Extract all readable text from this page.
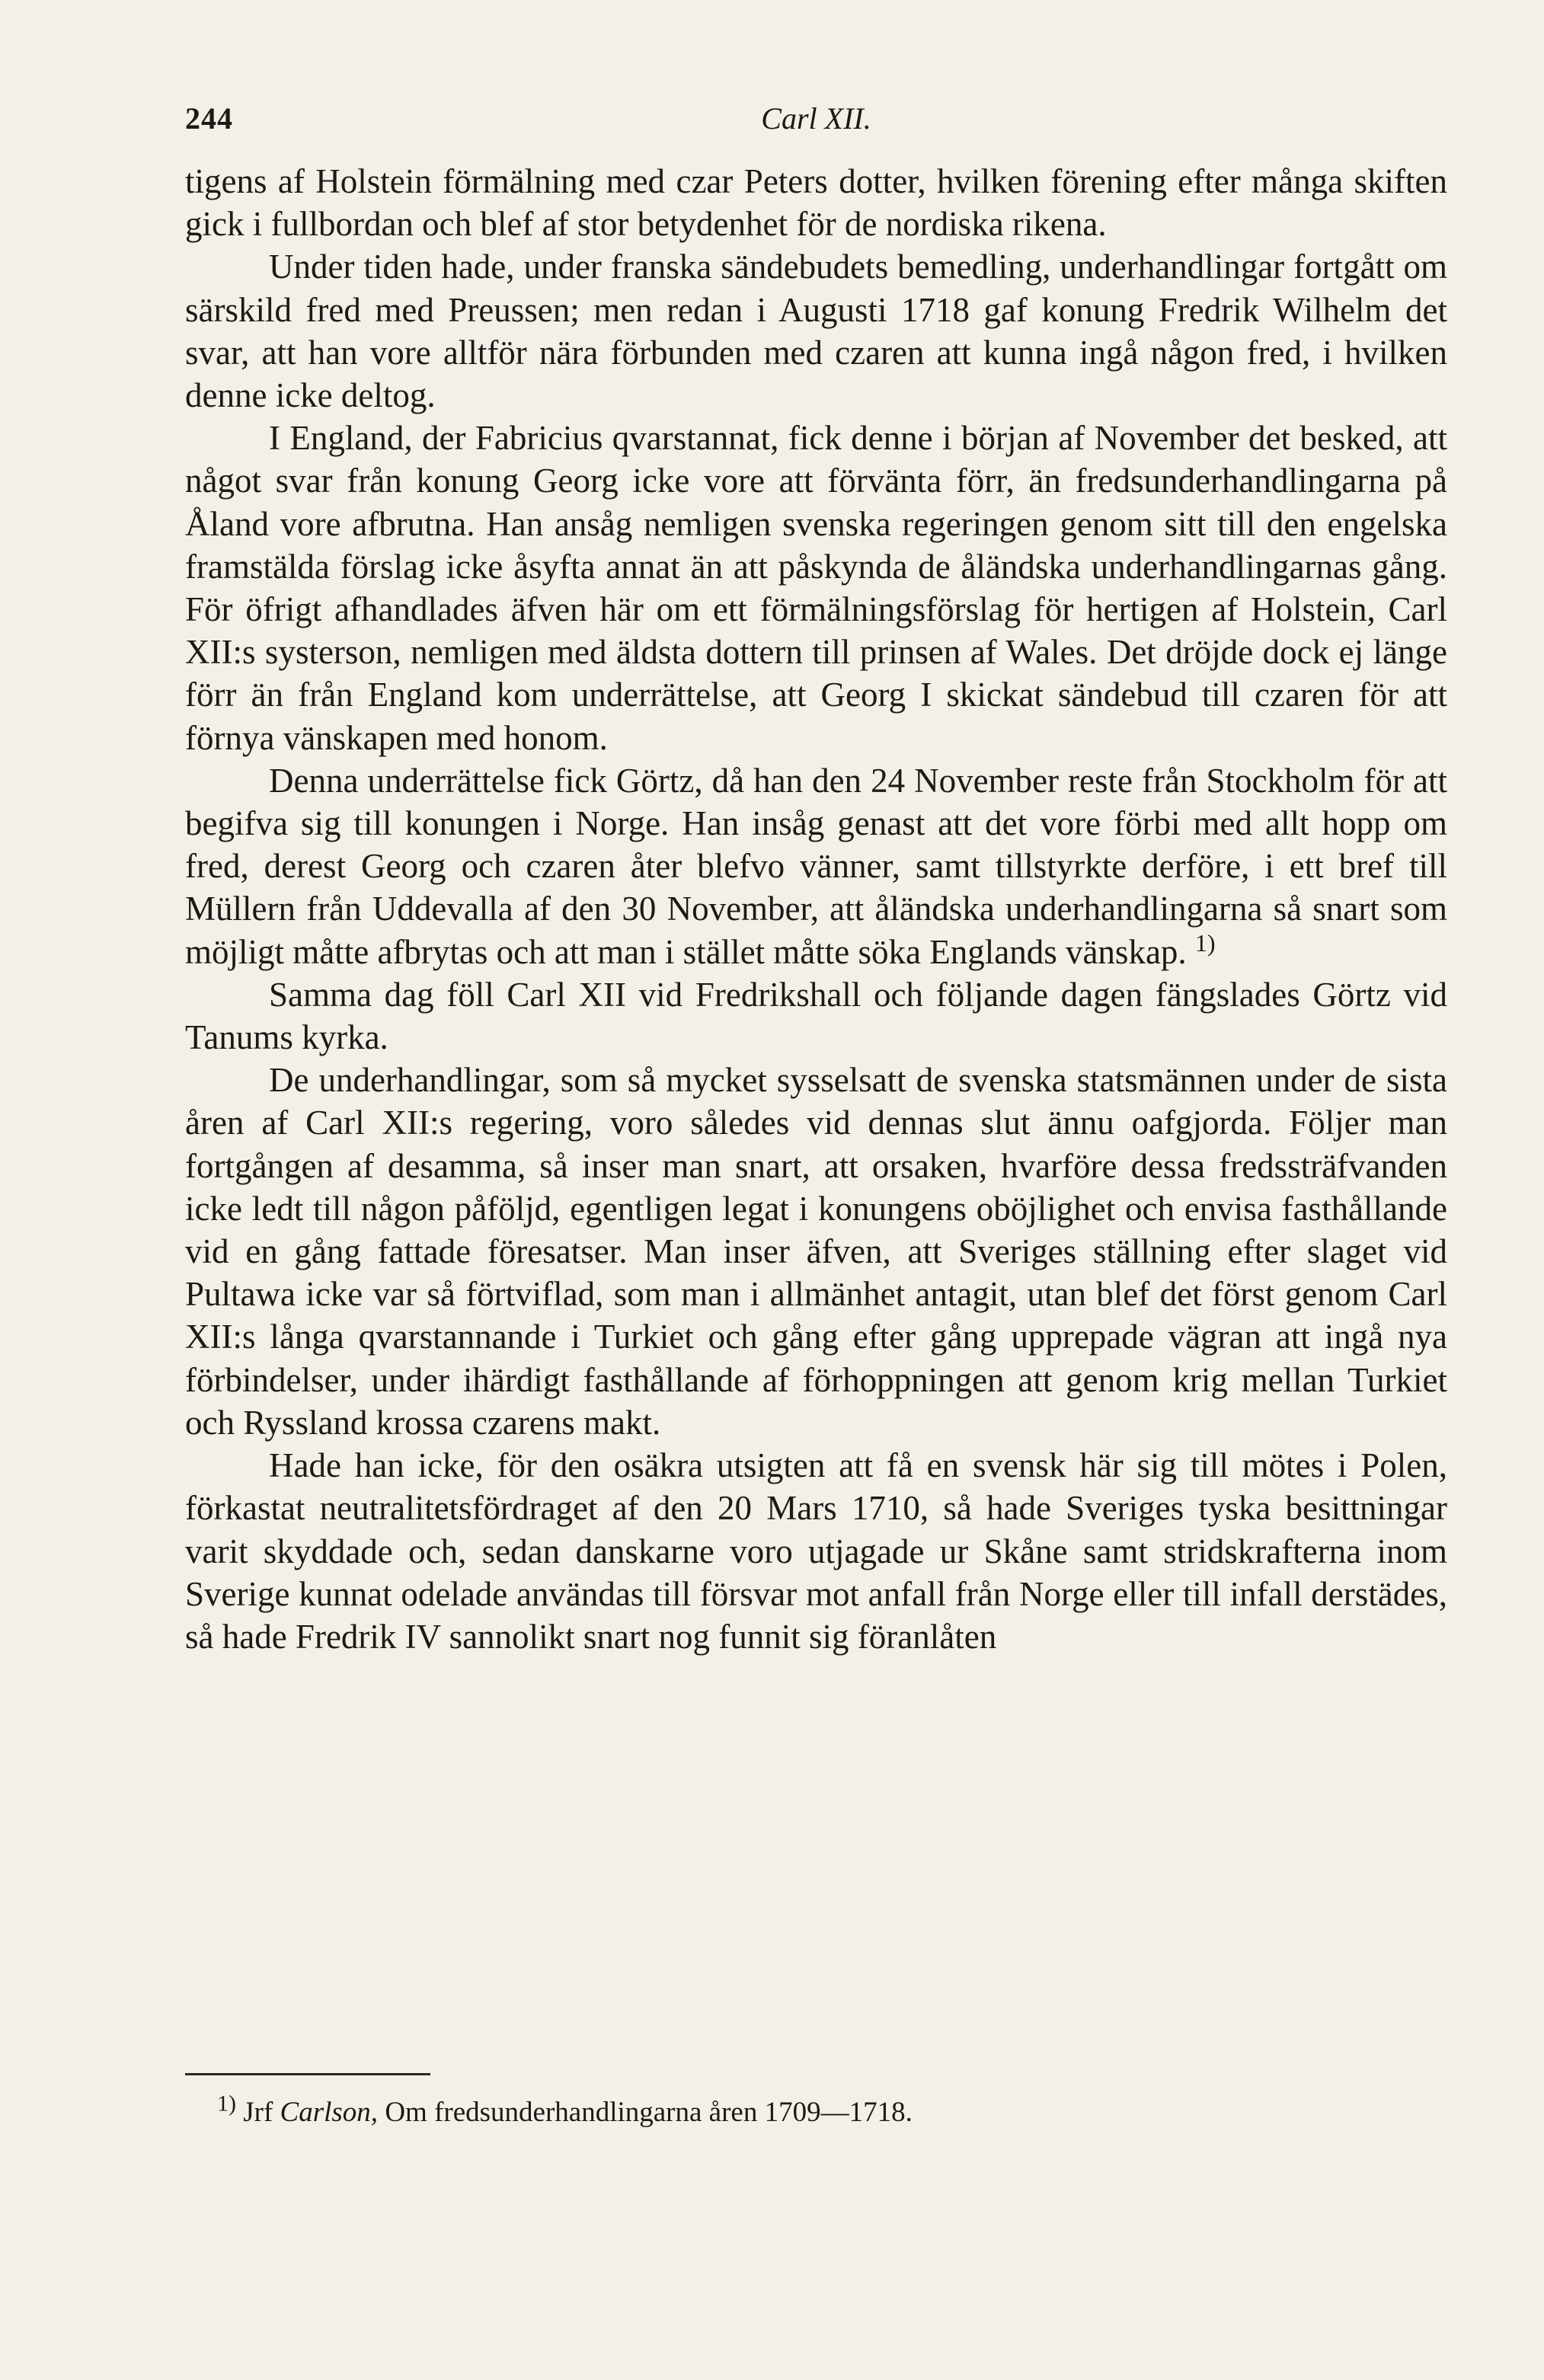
244	Carl XII.

tigens af Holstein förmälning med czar Peters dotter, hvilken förening efter många skiften gick i fullbordan och blef af stor betydenhet för de nordiska rikena.

Under tiden hade, under franska sändebudets bemedling, underhandlingar fortgått om särskild fred med Preussen; men redan i Augusti 1718 gaf konung Fredrik Wilhelm det svar, att han vore alltför nära förbunden med czaren att kunna ingå någon fred, i hvilken denne icke deltog.

I England, der Fabricius qvarstannat, fick denne i början af November det besked, att något svar från konung Georg icke vore att förvänta förr, än fredsunderhandlingarna på Åland vore afbrutna. Han ansåg nemligen svenska regeringen genom sitt till den engelska framstälda förslag icke åsyfta annat än att påskynda de åländska underhandlingarnas gång. För öfrigt afhandlades äfven här om ett förmälningsförslag för hertigen af Holstein, Carl XII:s systerson, nemligen med äldsta dottern till prinsen af Wales. Det dröjde dock ej länge förr än från England kom underrättelse, att Georg I skickat sändebud till czaren för att förnya vänskapen med honom.

Denna underrättelse fick Görtz, då han den 24 November reste från Stockholm för att begifva sig till konungen i Norge. Han insåg genast att det vore förbi med allt hopp om fred, derest Georg och czaren åter blefvo vänner, samt tillstyrkte derföre, i ett bref till Müllern från Uddevalla af den 30 November, att åländska underhandlingarna så snart som möjligt måtte afbrytas och att man i stället måtte söka Englands vänskap. $^{1)}$

Samma dag föll Carl XII vid Fredrikshall och följande dagen fängslades Görtz vid Tanums kyrka.

De underhandlingar, som så mycket sysselsatt de svenska statsmännen under de sista åren af Carl XII:s regering, voro således vid dennas slut ännu oafgjorda. Följer man fortgången af desamma, så inser man snart, att orsaken, hvarföre dessa fredssträfvanden icke ledt till någon påföljd, egentligen legat i konungens oböjlighet och envisa fasthållande vid en gång fattade föresatser. Man inser äfven, att Sveriges ställning efter slaget vid Pultawa icke var så förtviflad, som man i allmänhet antagit, utan blef det först genom Carl XII:s långa qvarstannande i Turkiet och gång efter gång upprepade vägran att ingå nya förbindelser, under ihärdigt fasthållande af förhoppningen att genom krig mellan Turkiet och Ryssland krossa czarens makt.

Hade han icke, för den osäkra utsigten att få en svensk här sig till mötes i Polen, förkastat neutralitetsfördraget af den 20 Mars 1710, så hade Sveriges tyska besittningar varit skyddade och, sedan danskarne voro utjagade ur Skåne samt stridskrafterna inom Sverige kunnat odelade användas till försvar mot anfall från Norge eller till infall derstädes, så hade Fredrik IV sannolikt snart nog funnit sig föranlåten

$^{1)}$ Jrf Carlson, Om fredsunderhandlingarna åren 1709—1718.
